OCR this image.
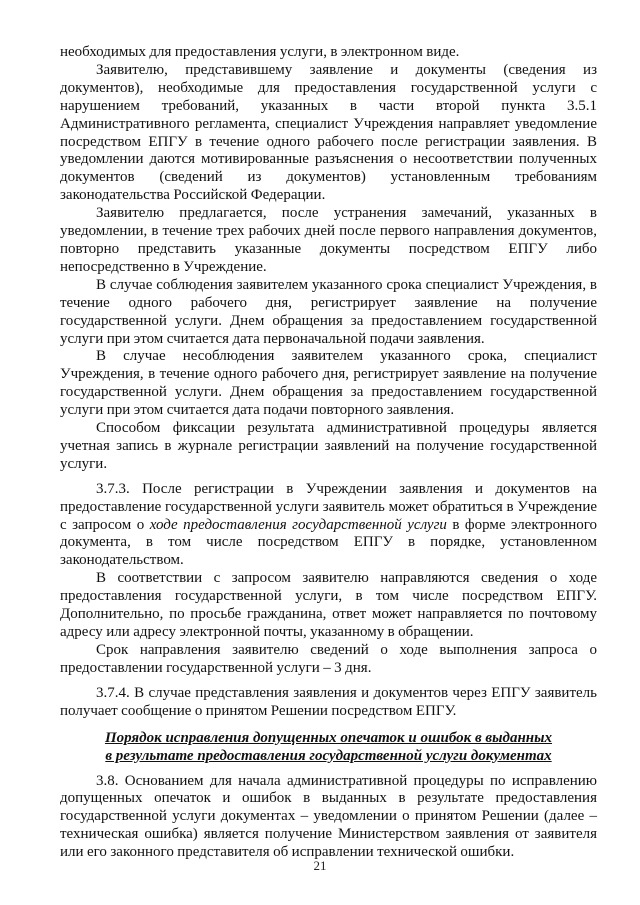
необходимых для предоставления услуги, в электронном виде.

Заявителю, представившему заявление и документы (сведения из документов), необходимые для предоставления государственной услуги с нарушением требований, указанных в части второй пункта 3.5.1 Административного регламента, специалист Учреждения направляет уведомление посредством ЕПГУ в течение одного рабочего после регистрации заявления. В уведомлении даются мотивированные разъяснения о несоответствии полученных документов (сведений из документов) установленным требованиям законодательства Российской Федерации.

Заявителю предлагается, после устранения замечаний, указанных в уведомлении, в течение трех рабочих дней после первого направления документов, повторно представить указанные документы посредством ЕПГУ либо непосредственно в Учреждение.

В случае соблюдения заявителем указанного срока специалист Учреждения, в течение одного рабочего дня, регистрирует заявление на получение государственной услуги. Днем обращения за предоставлением государственной услуги при этом считается дата первоначальной подачи заявления.

В случае несоблюдения заявителем указанного срока, специалист Учреждения, в течение одного рабочего дня, регистрирует заявление на получение государственной услуги. Днем обращения за предоставлением государственной услуги при этом считается дата подачи повторного заявления.

Способом фиксации результата административной процедуры является учетная запись в журнале регистрации заявлений на получение государственной услуги.

3.7.3. После регистрации в Учреждении заявления и документов на предоставление государственной услуги заявитель может обратиться в Учреждение с запросом о ходе предоставления государственной услуги в форме электронного документа, в том числе посредством ЕПГУ в порядке, установленном законодательством.

В соответствии с запросом заявителю направляются сведения о ходе предоставления государственной услуги, в том числе посредством ЕПГУ. Дополнительно, по просьбе гражданина, ответ может направляется по почтовому адресу или адресу электронной почты, указанному в обращении.

Срок направления заявителю сведений о ходе выполнения запроса о предоставлении государственной услуги – 3 дня.

3.7.4. В случае представления заявления и документов через ЕПГУ заявитель получает сообщение о принятом Решении посредством ЕПГУ.

Порядок исправления допущенных опечаток и ошибок в выданных
в результате предоставления государственной услуги документах

3.8. Основанием для начала административной процедуры по исправлению допущенных опечаток и ошибок в выданных в результате предоставления государственной услуги документах – уведомлении о принятом Решении (далее – техническая ошибка) является получение Министерством заявления от заявителя или его законного представителя об исправлении технической ошибки.

21
